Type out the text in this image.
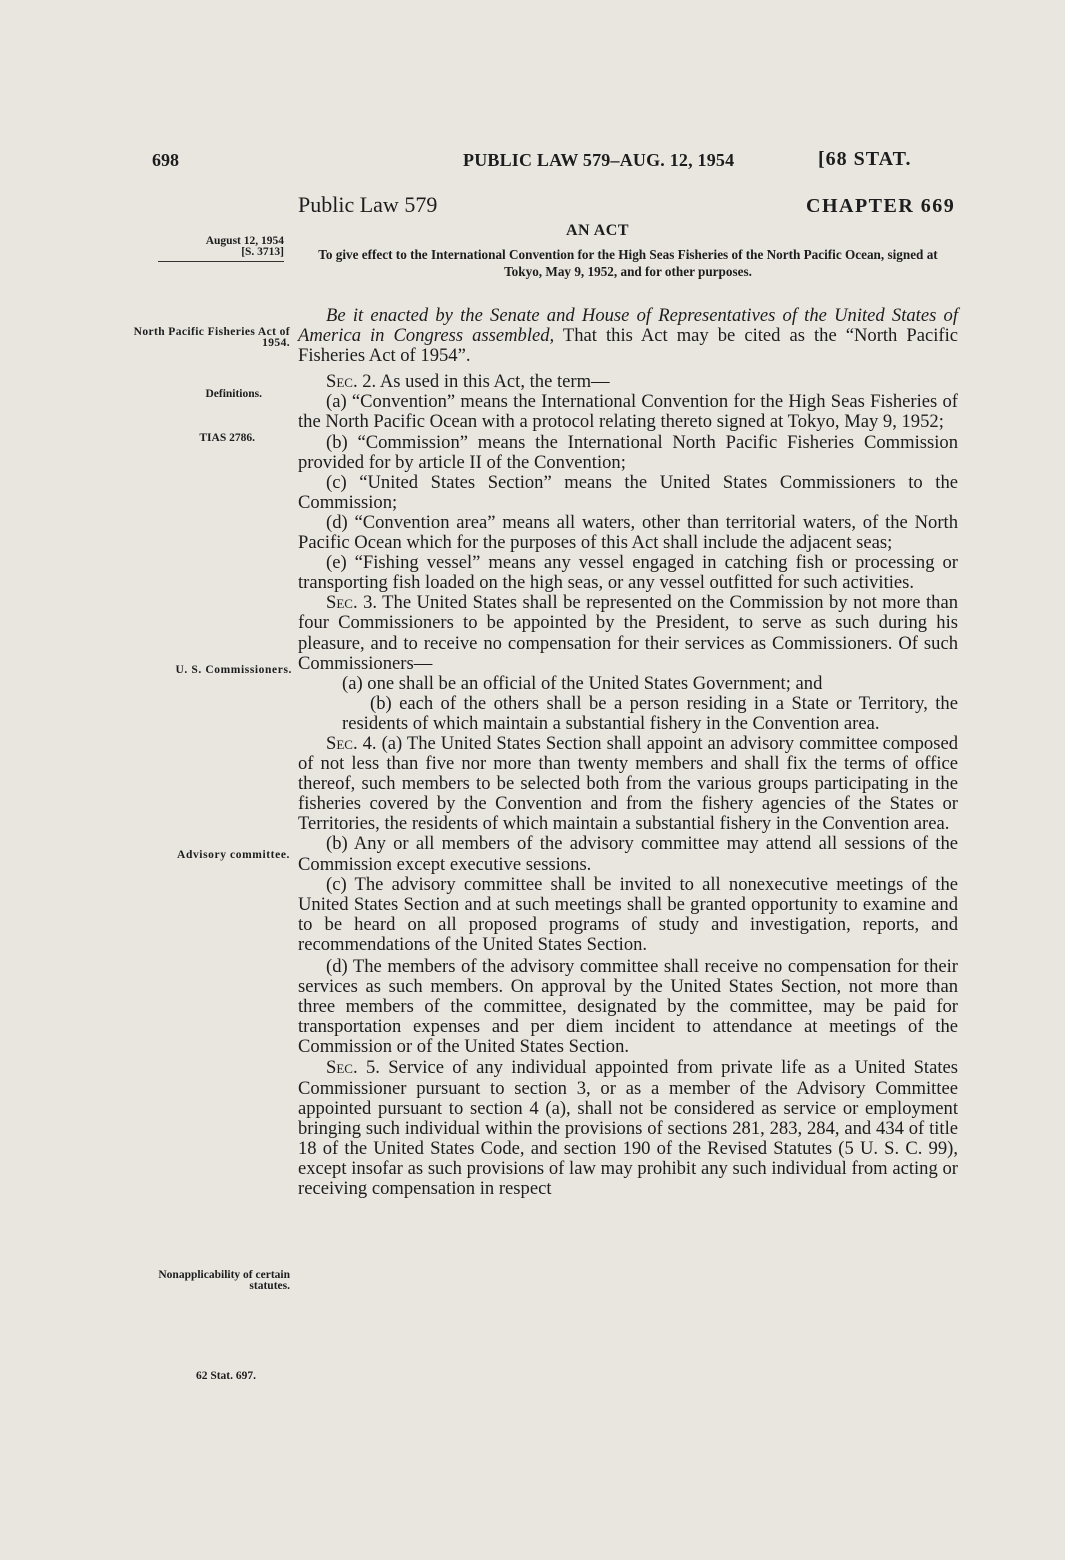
698	PUBLIC LAW 579–AUG. 12, 1954	[68 STAT.
Public Law 579	CHAPTER 669
AN ACT
To give effect to the International Convention for the High Seas Fisheries of the North Pacific Ocean, signed at Tokyo, May 9, 1952, and for other purposes.
August 12, 1954
[S. 3713]
North Pacific Fisheries Act of 1954.
Definitions.
TIAS 2786.
U. S. Commissioners.
Advisory committee.
Nonapplicability of certain statutes.
62 Stat. 697.

Be it enacted by the Senate and House of Representatives of the United States of America in Congress assembled, That this Act may be cited as the “North Pacific Fisheries Act of 1954”.

Sec. 2. As used in this Act, the term—

(a) “Convention” means the International Convention for the High Seas Fisheries of the North Pacific Ocean with a protocol relating thereto signed at Tokyo, May 9, 1952;

(b) “Commission” means the International North Pacific Fisheries Commission provided for by article II of the Convention;

(c) “United States Section” means the United States Commissioners to the Commission;

(d) “Convention area” means all waters, other than territorial waters, of the North Pacific Ocean which for the purposes of this Act shall include the adjacent seas;

(e) “Fishing vessel” means any vessel engaged in catching fish or processing or transporting fish loaded on the high seas, or any vessel outfitted for such activities.

Sec. 3. The United States shall be represented on the Commission by not more than four Commissioners to be appointed by the President, to serve as such during his pleasure, and to receive no compensation for their services as Commissioners. Of such Commissioners—

(a) one shall be an official of the United States Government; and

(b) each of the others shall be a person residing in a State or Territory, the residents of which maintain a substantial fishery in the Convention area.

Sec. 4. (a) The United States Section shall appoint an advisory committee composed of not less than five nor more than twenty members and shall fix the terms of office thereof, such members to be selected both from the various groups participating in the fisheries covered by the Convention and from the fishery agencies of the States or Territories, the residents of which maintain a substantial fishery in the Convention area.

(b) Any or all members of the advisory committee may attend all sessions of the Commission except executive sessions.

(c) The advisory committee shall be invited to all nonexecutive meetings of the United States Section and at such meetings shall be granted opportunity to examine and to be heard on all proposed programs of study and investigation, reports, and recommendations of the United States Section.

(d) The members of the advisory committee shall receive no compensation for their services as such members. On approval by the United States Section, not more than three members of the committee, designated by the committee, may be paid for transportation expenses and per diem incident to attendance at meetings of the Commission or of the United States Section.

Sec. 5. Service of any individual appointed from private life as a United States Commissioner pursuant to section 3, or as a member of the Advisory Committee appointed pursuant to section 4 (a), shall not be considered as service or employment bringing such individual within the provisions of sections 281, 283, 284, and 434 of title 18 of the United States Code, and section 190 of the Revised Statutes (5 U. S. C. 99), except insofar as such provisions of law may prohibit any such individual from acting or receiving compensation in respect
